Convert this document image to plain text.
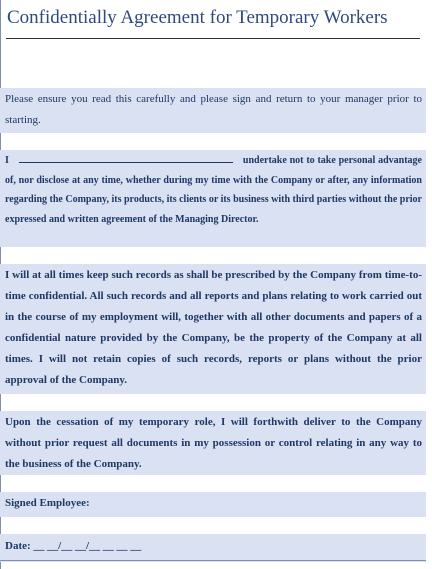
Confidentially Agreement for Temporary Workers
Please ensure you read this carefully and please sign and return to your manager prior to starting.
I	undertake not to take personal advantage of, nor disclose at any time, whether during my time with the Company or after, any information regarding the Company, its products, its clients or its business with third parties without the prior expressed and written agreement of the Managing Director.
I will at all times keep such records as shall be prescribed by the Company from time-to-time confidential. All such records and all reports and plans relating to work carried out in the course of my employment will, together with all other documents and papers of a confidential nature provided by the Company, be the property of the Company at all times. I will not retain copies of such records, reports or plans without the prior approval of the Company.
Upon the cessation of my temporary role, I will forthwith deliver to the Company without prior request all documents in my possession or control relating in any way to the business of the Company.
Signed Employee:
Date: __ __/__ __/__ __ __ __
